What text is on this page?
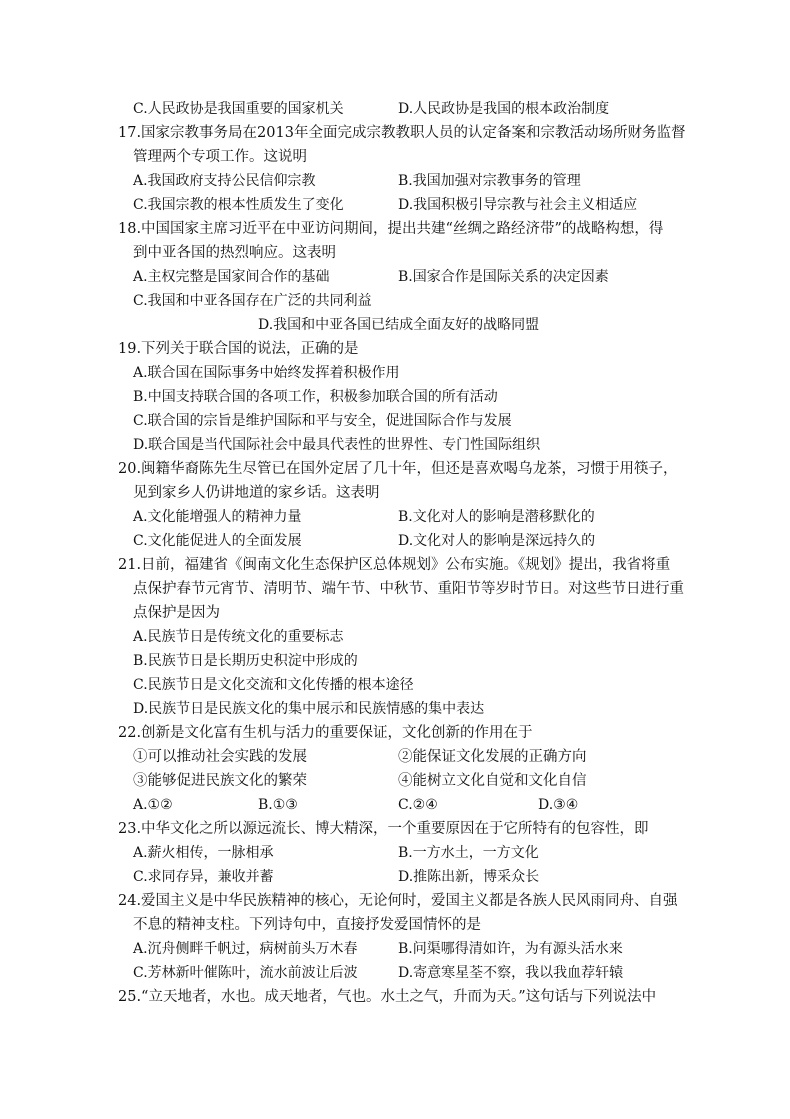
C.人民政协是我国重要的国家机关	D.人民政协是我国的根本政治制度
17.国家宗教事务局在2013年全面完成宗教教职人员的认定备案和宗教活动场所财务监督
管理两个专项工作。这说明
A.我国政府支持公民信仰宗教	B.我国加强对宗教事务的管理
C.我国宗教的根本性质发生了变化	D.我国积极引导宗教与社会主义相适应
18.中国国家主席习近平在中亚访问期间，提出共建“丝绸之路经济带”的战略构想，得
到中亚各国的热烈响应。这表明
A.主权完整是国家间合作的基础	B.国家合作是国际关系的决定因素
C.我国和中亚各国存在广泛的共同利益
D.我国和中亚各国已结成全面友好的战略同盟
19.下列关于联合国的说法，正确的是
A.联合国在国际事务中始终发挥着积极作用
B.中国支持联合国的各项工作，积极参加联合国的所有活动
C.联合国的宗旨是维护国际和平与安全，促进国际合作与发展
D.联合国是当代国际社会中最具代表性的世界性、专门性国际组织
20.闽籍华裔陈先生尽管已在国外定居了几十年，但还是喜欢喝乌龙茶，习惯于用筷子，
见到家乡人仍讲地道的家乡话。这表明
A.文化能增强人的精神力量	B.文化对人的影响是潜移默化的
C.文化能促进人的全面发展	D.文化对人的影响是深远持久的
21.日前，福建省《闽南文化生态保护区总体规划》公布实施。《规划》提出，我省将重
点保护春节元宵节、清明节、端午节、中秋节、重阳节等岁时节日。对这些节日进行重
点保护是因为
A.民族节日是传统文化的重要标志
B.民族节日是长期历史积淀中形成的
C.民族节日是文化交流和文化传播的根本途径
D.民族节日是民族文化的集中展示和民族情感的集中表达
22.创新是文化富有生机与活力的重要保证，文化创新的作用在于
①可以推动社会实践的发展	②能保证文化发展的正确方向
③能够促进民族文化的繁荣	④能树立文化自觉和文化自信
A.①②	B.①③	C.②④	D.③④
23.中华文化之所以源远流长、博大精深，一个重要原因在于它所特有的包容性，即
A.薪火相传，一脉相承	B.一方水土，一方文化
C.求同存异，兼收并蓄	D.推陈出新，博采众长
24.爱国主义是中华民族精神的核心，无论何时，爱国主义都是各族人民风雨同舟、自强
不息的精神支柱。下列诗句中，直接抒发爱国情怀的是
A.沉舟侧畔千帆过，病树前头万木春	B.问渠哪得清如许，为有源头活水来
C.芳林新叶催陈叶，流水前波让后波	D.寄意寒星荃不察，我以我血荐轩辕
25.“立天地者，水也。成天地者，气也。水土之气，升而为天。”这句话与下列说法中
